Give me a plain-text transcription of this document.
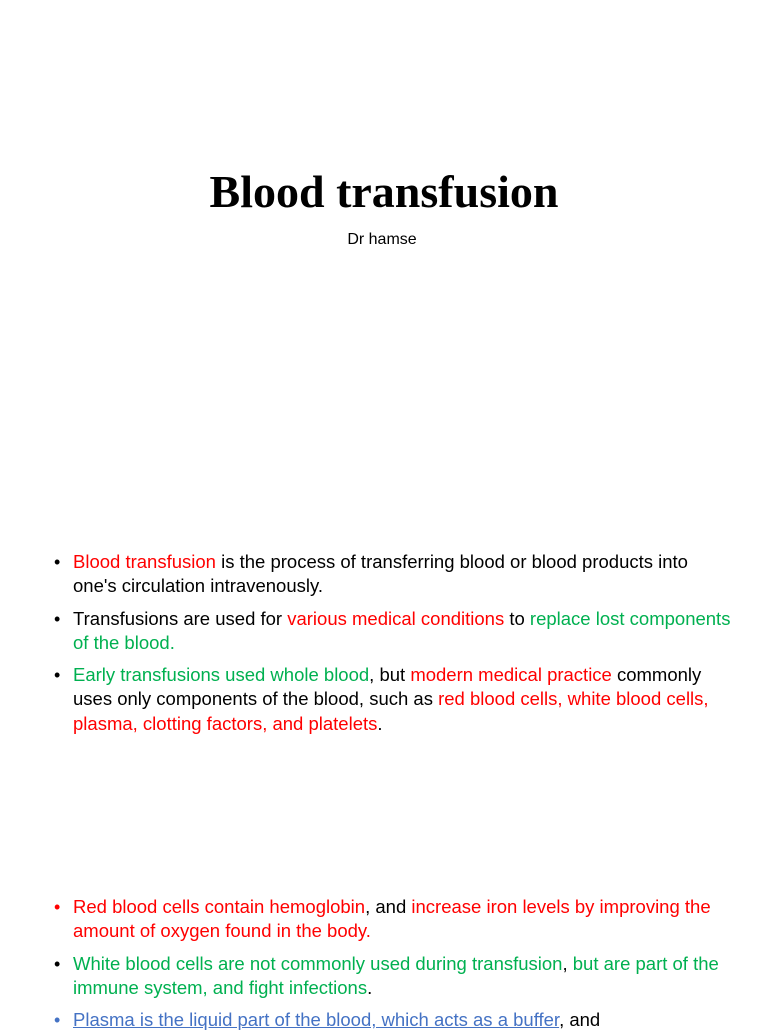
Blood transfusion
Dr hamse
• Blood transfusion is the process of transferring blood or blood products into one's circulation intravenously.
• Transfusions are used for various medical conditions to replace lost components of the blood.
• Early transfusions used whole blood, but modern medical practice commonly uses only components of the blood, such as red blood cells, white blood cells, plasma, clotting factors, and platelets.
• Red blood cells contain hemoglobin, and increase iron levels by improving the amount of oxygen found in the body.
• White blood cells are not commonly used during transfusion, but are part of the immune system, and fight infections.
• Plasma is the liquid part of the blood, which acts as a buffer, and
